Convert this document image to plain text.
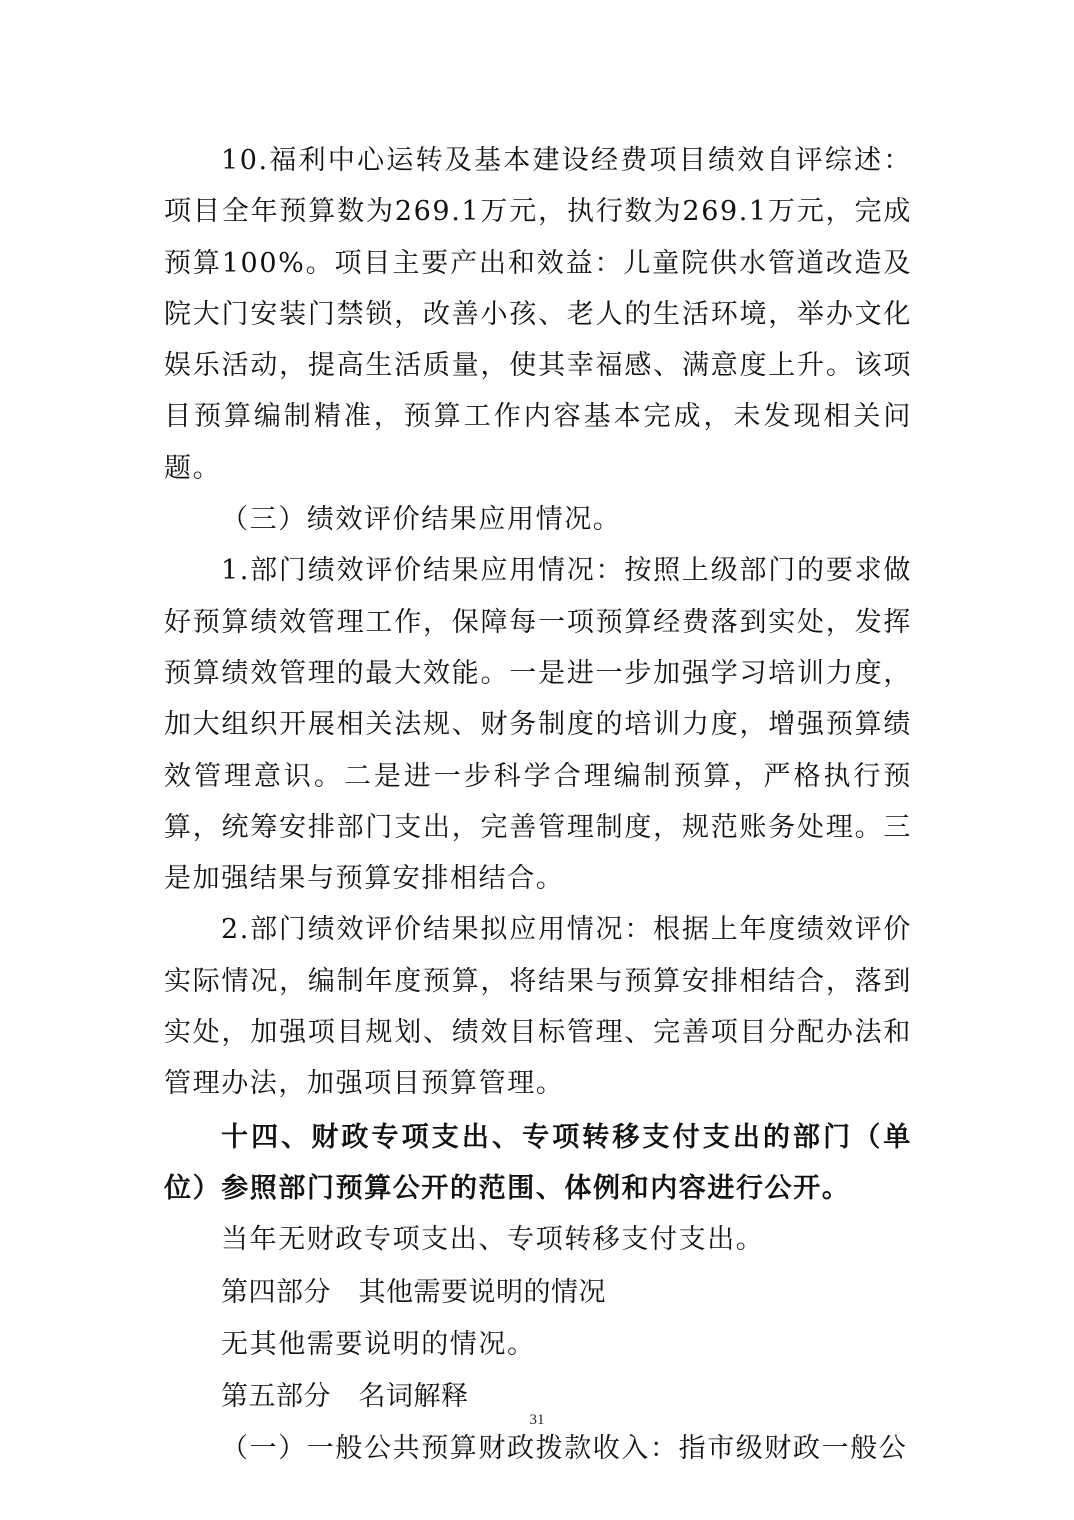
10.福利中心运转及基本建设经费项目绩效自评综述：项目全年预算数为269.1万元，执行数为269.1万元，完成预算100%。项目主要产出和效益：儿童院供水管道改造及院大门安装门禁锁，改善小孩、老人的生活环境，举办文化娱乐活动，提高生活质量，使其幸福感、满意度上升。该项目预算编制精准，预算工作内容基本完成，未发现相关问题。

（三）绩效评价结果应用情况。

1.部门绩效评价结果应用情况：按照上级部门的要求做好预算绩效管理工作，保障每一项预算经费落到实处，发挥预算绩效管理的最大效能。一是进一步加强学习培训力度，加大组织开展相关法规、财务制度的培训力度，增强预算绩效管理意识。二是进一步科学合理编制预算，严格执行预算，统筹安排部门支出，完善管理制度，规范账务处理。三是加强结果与预算安排相结合。

2.部门绩效评价结果拟应用情况：根据上年度绩效评价实际情况，编制年度预算，将结果与预算安排相结合，落到实处，加强项目规划、绩效目标管理、完善项目分配办法和管理办法，加强项目预算管理。

十四、财政专项支出、专项转移支付支出的部门（单位）参照部门预算公开的范围、体例和内容进行公开。

当年无财政专项支出、专项转移支付支出。

第四部分　其他需要说明的情况

无其他需要说明的情况。

第五部分　名词解释

（一）一般公共预算财政拨款收入：指市级财政一般公

31
